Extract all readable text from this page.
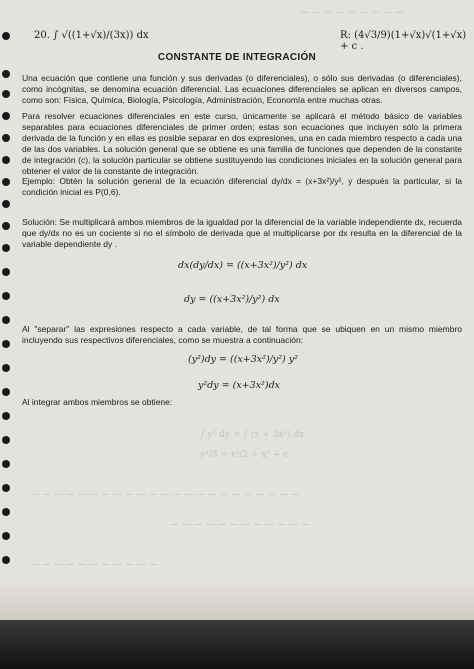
— — — — — — — — —
∫ y² dy = ∫ (x + 3x²) dx
y³/3 = x²/2 + x³ + c
— — — — — — — — — — — — — — — — — — — — — — —
— — — — — — — — — — — —
— — — — — — — — — — —
20. ∫ √((1+√x)/(3x)) dx	R: (4√3/9)(1+√x)√(1+√x) + c .
CONSTANTE DE INTEGRACIÓN
Una ecuación que contiene una función y sus derivadas (o diferenciales), o sólo sus derivadas (o diferenciales), como incógnitas, se denomina ecuación diferencial. Las ecuaciones diferenciales se aplican en diversos campos, como son: Física, Química, Biología, Psicología, Administración, Economía entre muchas otras.
Para resolver ecuaciones diferenciales en este curso, únicamente se aplicará el método básico de variables separables para ecuaciones diferenciales de primer orden; estas son ecuaciones que incluyen sólo la primera derivada de la función y en ellas es posible separar en dos expresiones, una en cada miembro respecto a cada una de las dos variables. La solución general que se obtiene es una familia de funciones que dependen de la constante de integración (c), la solución particular se obtiene sustituyendo las condiciones iniciales en la solución general para obtener el valor de la constante de integración.
Ejemplo: Obtén la solución general de la ecuación diferencial dy/dx = (x+3x²)/y², y después la particular, si la condición inicial es P(0,6).
Solución: Se multiplicará ambos miembros de la igualdad por la diferencial de la variable independiente dx, recuerda que dy/dx no es un cociente si no el símbolo de derivada que al multiplicarse por dx resulta en la diferencial de la variable dependiente dy .
dx(dy/dx) = ((x+3x²)/y²) dx
dy = ((x+3x²)/y²) dx
Al "separar" las expresiones respecto a cada variable, de tal forma que se ubiquen en un mismo miembro incluyendo sus respectivos diferenciales, como se muestra a continuación:
(y²)dy = ((x+3x²)/y²) y²
y²dy = (x+3x²)dx
Al integrar ambos miembros se obtiene:
